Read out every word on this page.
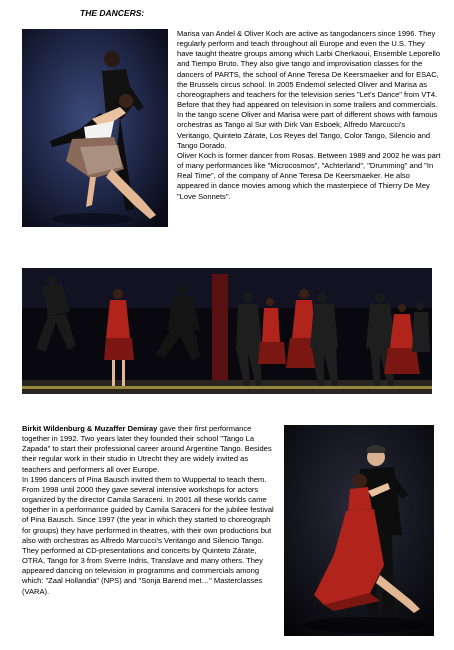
THE DANCERS:

Marisa van Andel & Oliver Koch are active as tangodancers since 1996. They regularly perform and teach throughout all Europe and even the U.S. They have taught theatre groups among which Larbi Cherkaoui, Ensemble Leporello and Tiempo Bruto. They also give tango and improvisation classes for the dancers of PARTS, the school of Anne Teresa De Keersmaeker and for ESAC, the Brussels circus school. In 2005 Endemol selected Oliver and Marisa as choreographers and teachers for the television series "Let's Dance" from VT4. Before that they had appeared on television in some trailers and commercials. In the tango scene Oliver and Marisa were part of different shows with famous orchestras as Tango al Sur with Dirk Van Esboek, Alfredo Marcucci's Veritango, Quinteto Zárate, Los Reyes del Tango, Color Tango, Silencio and Tango Dorado.

Oliver Koch is former dancer from Rosas. Between 1989 and 2002 he was part of many performances like "Microcosmos", "Achterland", "Drumming" and "In Real Time", of the company of Anne Teresa De Keersmaeker. He also appeared in dance movies among which the masterpiece of Thierry De Mey "Love Sonnets".

Birkit Wildenburg & Muzaffer Demiray gave their first performance together in 1992. Two years later they founded their school "Tango La Zapada" to start their professional career around Argentine Tango. Besides their regular work in their studio in Utrecht they are widely invited as teachers and performers all over Europe.

In 1996 dancers of Pina Bausch invited them to Wuppertal to teach them. From 1998 until 2000 they gave several intensive workshops for actors organized by the director Camila Saraceni. In 2001 all these worlds came together in a performance guided by Camila Saraceni for the jubilee festival of Pina Bausch. Since 1997 (the year in which they started to choreograph for groups) they have performed in theatres, with their own productions but also with orchestras as Alfredo Marcucci's Veritango and Silencio Tango. They performed at CD-presentations and concerts by Quinteto Zárate, OTRA, Tango for 3 from Sverre Indris, Translave and many others. They appeared dancing on television in programms and commercials among which: "Zaal Hollandia" (NPS) and "Sonja Barend met…" Masterclasses (VARA).
